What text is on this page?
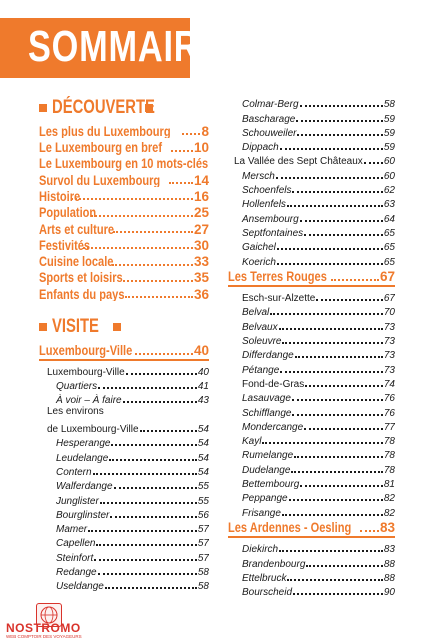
SOMMAIRE
DÉCOUVERTE
Les plus du Luxembourg 8
Le Luxembourg en bref 10
Le Luxembourg en 10 mots-clés
Survol du Luxembourg	14
Histoire	16
Population	25
Arts et culture	27
Festivités	30
Cuisine locale	33
Sports et loisirs	35
Enfants du pays	36
VISITE
Luxembourg-Ville	40
Luxembourg-Ville	40
Quartiers	41
À voir – À faire	43
Les environs
de Luxembourg-Ville	54
Hesperange	54
Leudelange	54
Contern	54
Walferdange	55
Junglister	55
Bourglinster	56
Mamer	57
Capellen	57
Steinfort	57
Redange	58
Useldange	58
Colmar-Berg	58
Bascharage	59
Schouweiler	59
Dippach	59
La Vallée des Sept Châteaux 60
Mersch	60
Schoenfels	62
Hollenfels	63
Ansembourg	64
Septfontaines	65
Gaichel	65
Koerich	65
Les Terres Rouges	67
Esch-sur-Alzette	67
Belval	70
Belvaux	73
Soleuvre	73
Differdange	73
Pétange	73
Fond-de-Gras	74
Lasauvage	76
Schifflange	76
Mondercange	77
Kayl	78
Rumelange	78
Dudelange	78
Bettembourg	81
Peppange	82
Frisange	82
Les Ardennes - Oesling 83
Diekirch	83
Brandenbourg	88
Ettelbruck	88
Bourscheid	90
NOSTROMO
WEB COMPTOIR DES VOYAGEURS
